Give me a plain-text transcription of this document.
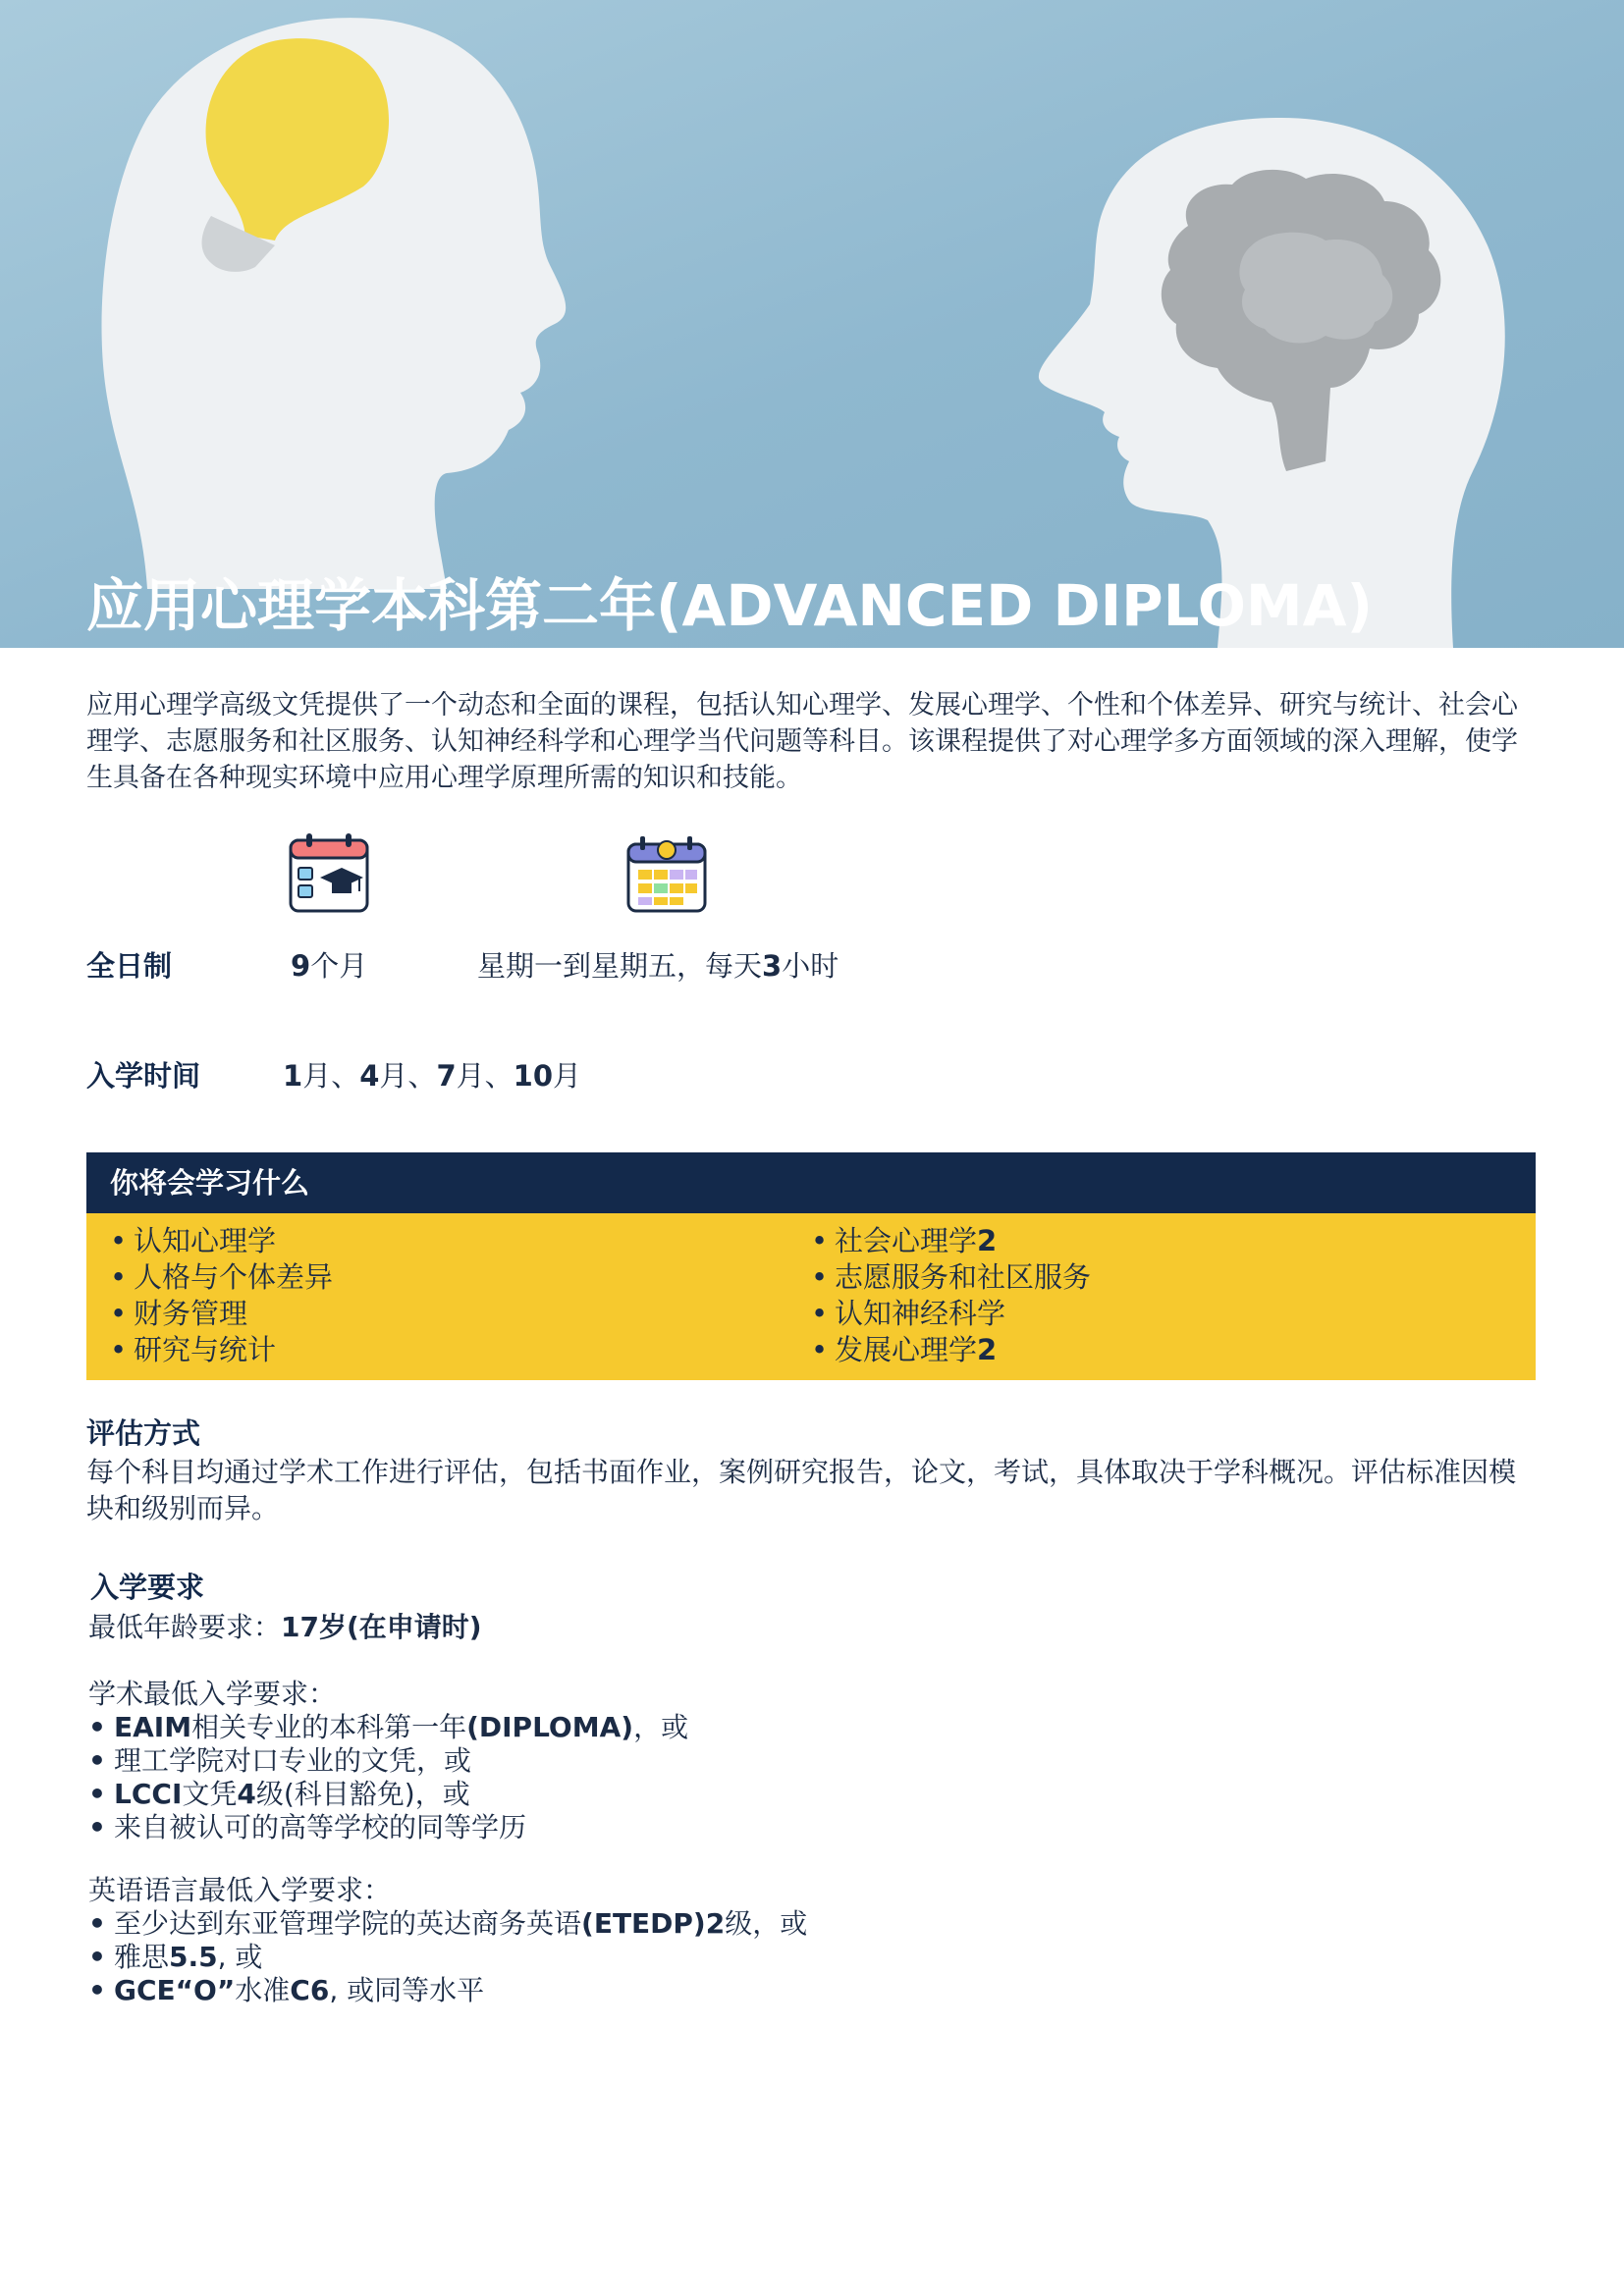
应用心理学本科第二年(ADVANCED DIPLOMA)
应用心理学高级文凭提供了一个动态和全面的课程，包括认知心理学、发展心理学、个性和个体差异、研究与统计、社会心理学、志愿服务和社区服务、认知神经科学和心理学当代问题等科目。该课程提供了对心理学多方面领域的深入理解，使学生具备在各种现实环境中应用心理学原理所需的知识和技能。
全日制	9个月	星期一到星期五，每天3小时
入学时间	1月、4月、7月、10月
你将会学习什么
• 认知心理学
• 人格与个体差异
• 财务管理
• 研究与统计
• 社会心理学2
• 志愿服务和社区服务
• 认知神经科学
• 发展心理学2
评估方式
每个科目均通过学术工作进行评估，包括书面作业，案例研究报告，论文，考试，具体取决于学科概况。评估标准因模块和级别而异。
入学要求
最低年龄要求：17岁(在申请时)
学术最低入学要求：
• EAIM相关专业的本科第一年(DIPLOMA)，或
• 理工学院对口专业的文凭，或
• LCCI文凭4级(科目豁免)，或
• 来自被认可的高等学校的同等学历
英语语言最低入学要求：
• 至少达到东亚管理学院的英达商务英语(ETEDP)2级，或
• 雅思5.5, 或
• GCE“O”水准C6, 或同等水平
